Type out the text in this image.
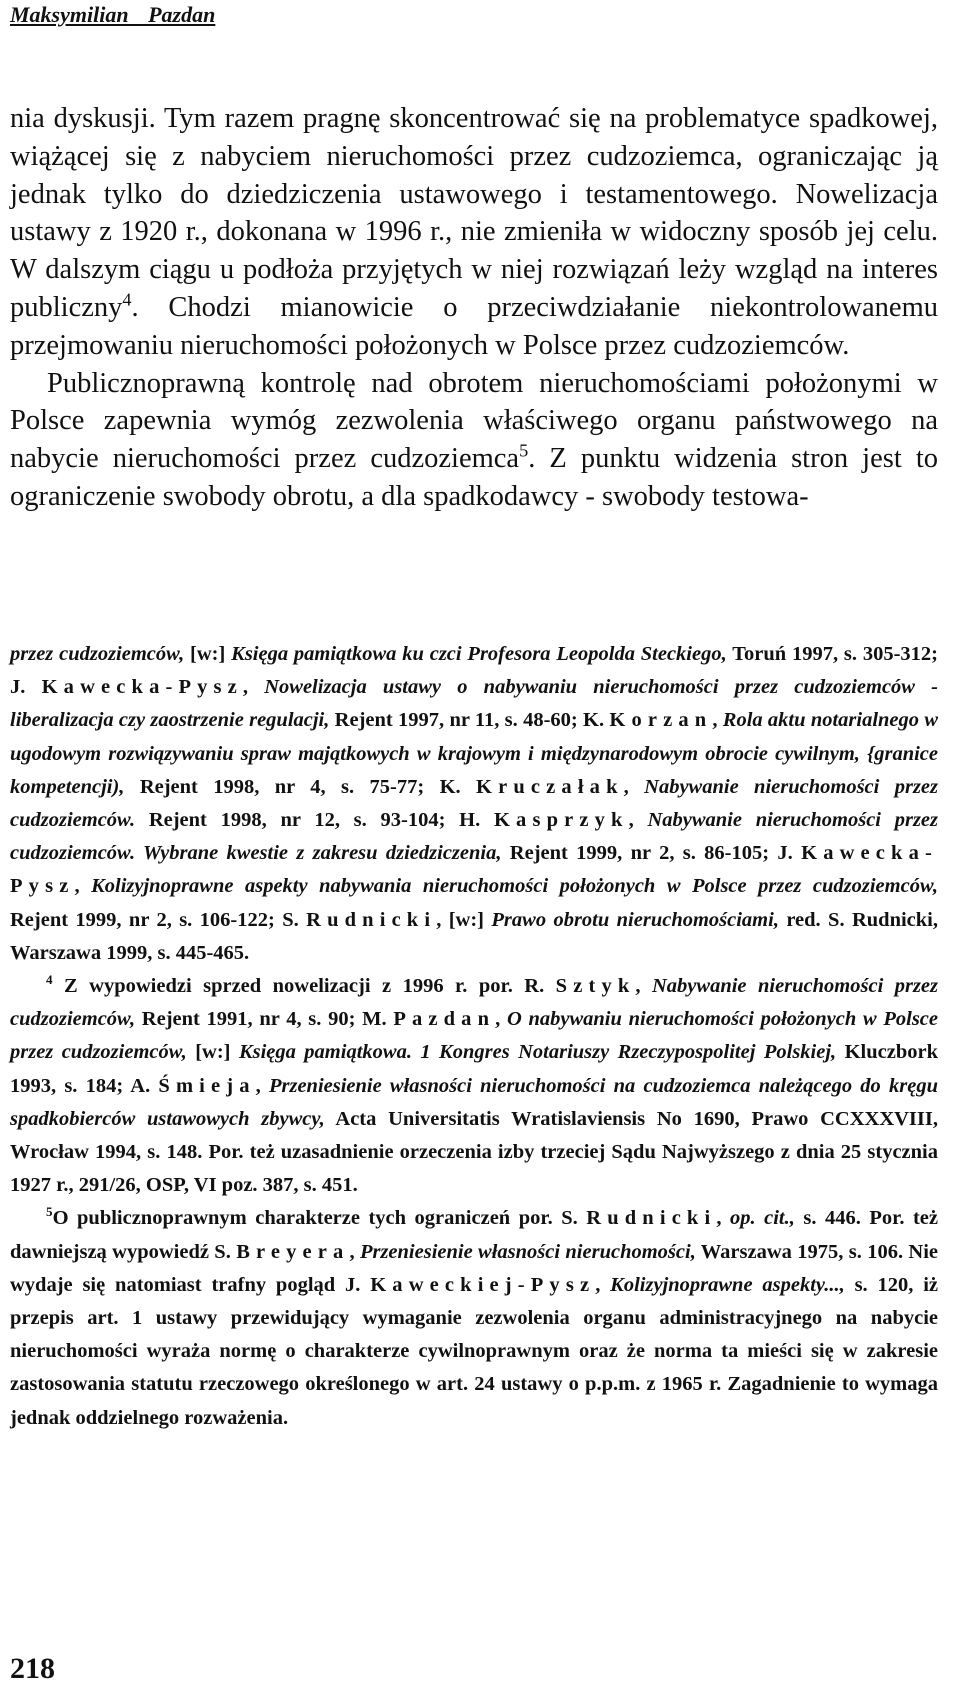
Maksymilian Pazdan

nia dyskusji. Tym razem pragnę skoncentrować się na problematyce spadkowej, wiążącej się z nabyciem nieruchomości przez cudzoziemca, ograniczając ją jednak tylko do dziedziczenia ustawowego i testamentowego. Nowelizacja ustawy z 1920 r., dokonana w 1996 r., nie zmieniła w widoczny sposób jej celu. W dalszym ciągu u podłoża przyjętych w niej rozwiązań leży wzgląd na interes publiczny$^4$. Chodzi mianowicie o przeciwdziałanie niekontrolowanemu przejmowaniu nieruchomości położonych w Polsce przez cudzoziemców.

Publicznoprawną kontrolę nad obrotem nieruchomościami położonymi w Polsce zapewnia wymóg zezwolenia właściwego organu państwowego na nabycie nieruchomości przez cudzoziemca$^5$. Z punktu widzenia stron jest to ograniczenie swobody obrotu, a dla spadkodawcy - swobody testowa-

przez cudzoziemców, [w:] Księga pamiątkowa ku czci Profesora Leopolda Steckiego, Toruń 1997, s. 305-312; J. Kawecka-Pysz, Nowelizacja ustawy o nabywaniu nieruchomości przez cudzoziemców - liberalizacja czy zaostrzenie regulacji, Rejent 1997, nr 11, s. 48-60; K. Korzan, Rola aktu notarialnego w ugodowym rozwiązywaniu spraw majątkowych w krajowym i międzynarodowym obrocie cywilnym, {granice kompetencji), Rejent 1998, nr 4, s. 75-77; K. Kruczałak, Nabywanie nieruchomości przez cudzoziemców. Rejent 1998, nr 12, s. 93-104; H. Kasprzyk, Nabywanie nieruchomości przez cudzoziemców. Wybrane kwestie z zakresu dziedziczenia, Rejent 1999, nr 2, s. 86-105; J. Kawecka-Pysz, Kolizyjnoprawne aspekty nabywania nieruchomości położonych w Polsce przez cudzoziemców, Rejent 1999, nr 2, s. 106-122; S. Rudnicki, [w:] Prawo obrotu nieruchomościami, red. S. Rudnicki, Warszawa 1999, s. 445-465.

$^4$ Z wypowiedzi sprzed nowelizacji z 1996 r. por. R. Sztyk, Nabywanie nieruchomości przez cudzoziemców, Rejent 1991, nr 4, s. 90; M. Pazdan, O nabywaniu nieruchomości położonych w Polsce przez cudzoziemców, [w:] Księga pamiątkowa. 1 Kongres Notariuszy Rzeczypospolitej Polskiej, Kluczbork 1993, s. 184; A. Śmieja, Przeniesienie własności nieruchomości na cudzoziemca należącego do kręgu spadkobierców ustawowych zbywcy, Acta Universitatis Wratislaviensis No 1690, Prawo CCXXXVIII, Wrocław 1994, s. 148. Por. też uzasadnienie orzeczenia izby trzeciej Sądu Najwyższego z dnia 25 stycznia 1927 r., 291/26, OSP, VI poz. 387, s. 451.

$^5$O publicznoprawnym charakterze tych ograniczeń por. S. Rudnicki, op. cit., s. 446. Por. też dawniejszą wypowiedź S. Breyera, Przeniesienie własności nieruchomości, Warszawa 1975, s. 106. Nie wydaje się natomiast trafny pogląd J. Kaweckiej-Pysz, Kolizyjnoprawne aspekty..., s. 120, iż przepis art. 1 ustawy przewidujący wymaganie zezwolenia organu administracyjnego na nabycie nieruchomości wyraża normę o charakterze cywilnoprawnym oraz że norma ta mieści się w zakresie zastosowania statutu rzeczowego określonego w art. 24 ustawy o p.p.m. z 1965 r. Zagadnienie to wymaga jednak oddzielnego rozważenia.

218
